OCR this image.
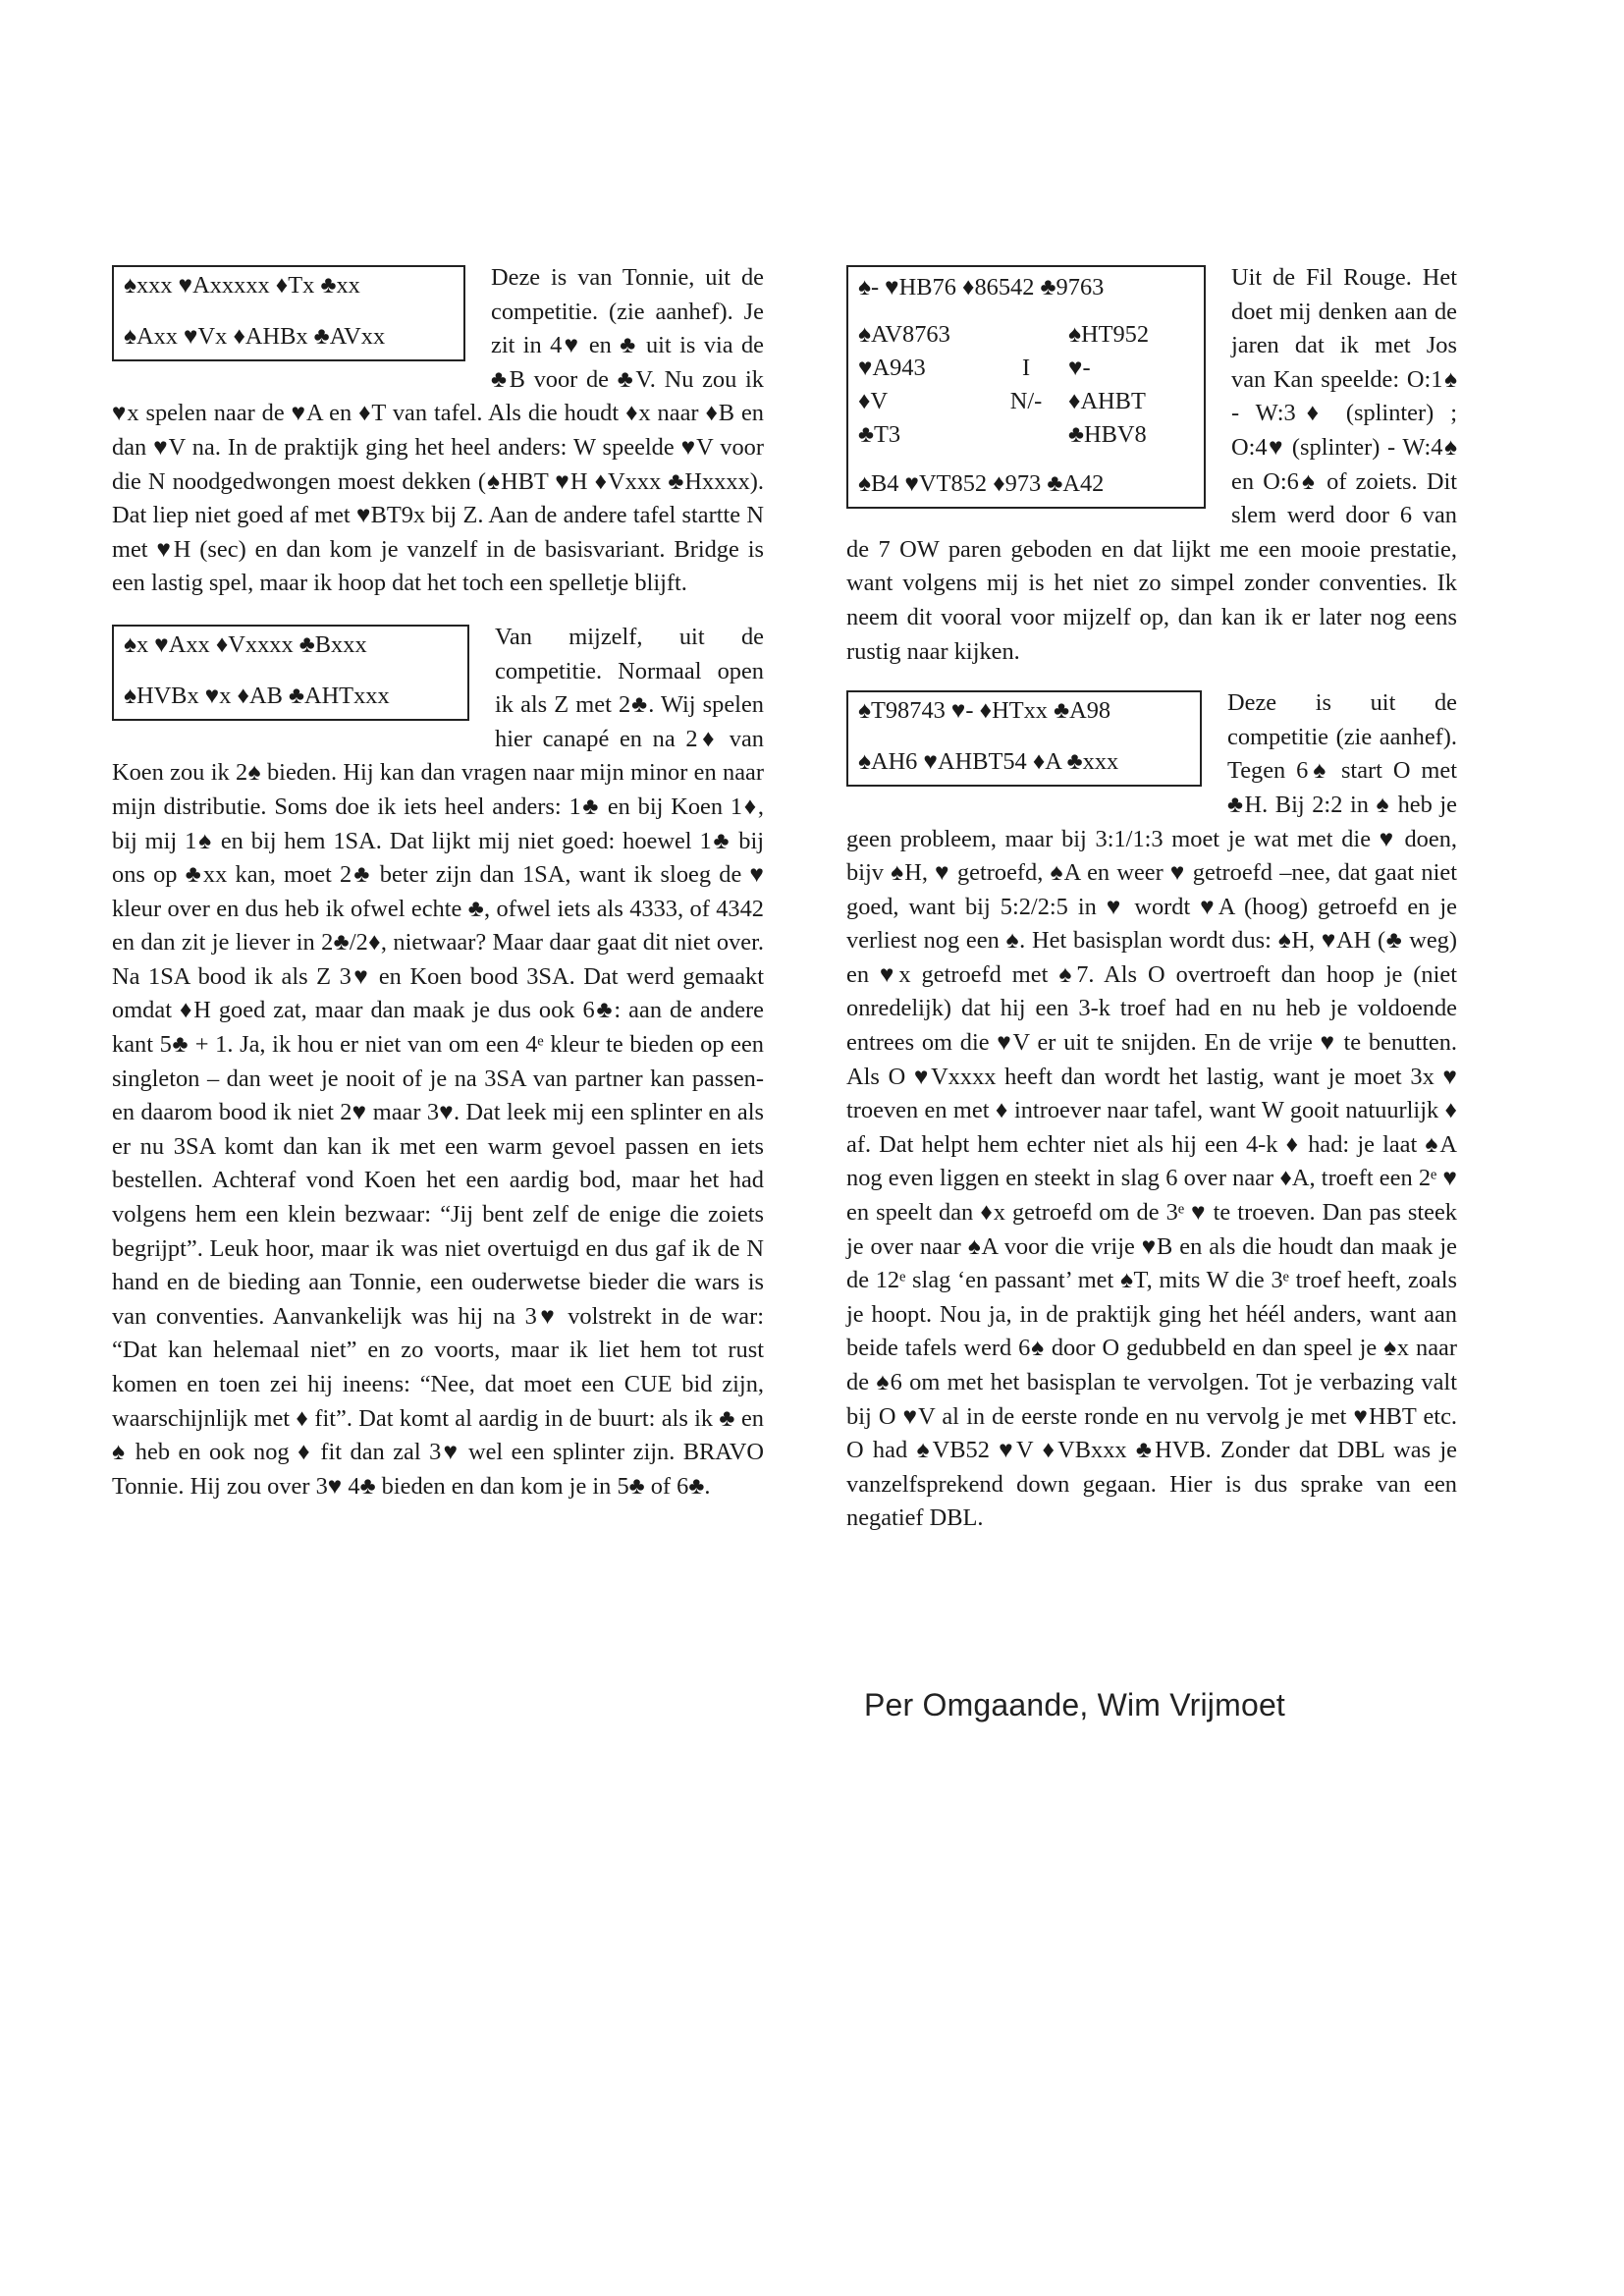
♠xxx ♥Axxxxx ♦Tx ♣xx
♠Axx ♥Vx ♦AHBx ♣AVxx

Deze is van Tonnie, uit de competitie. (zie aanhef). Je zit in 4♥ en ♣ uit is via de ♣B voor de ♣V. Nu zou ik ♥x spelen naar de ♥A en ♦T van tafel. Als die houdt ♦x naar ♦B en dan ♥V na. In de praktijk ging het heel anders: W speelde ♥V voor die N noodgedwongen moest dekken (♠HBT ♥H ♦Vxxx ♣Hxxxx). Dat liep niet goed af met ♥BT9x bij Z. Aan de andere tafel startte N met ♥H (sec) en dan kom je vanzelf in de basisvariant. Bridge is een lastig spel, maar ik hoop dat het toch een spelletje blijft.

♠x ♥Axx ♦Vxxxx ♣Bxxx
♠HVBx ♥x ♦AB ♣AHTxxx

Van mijzelf, uit de competitie. Normaal open ik als Z met 2♣. Wij spelen hier canapé en na 2♦ van Koen zou ik 2♠ bieden. Hij kan dan vragen naar mijn minor en naar mijn distributie. Soms doe ik iets heel anders: 1♣ en bij Koen 1♦, bij mij 1♠ en bij hem 1SA. Dat lijkt mij niet goed: hoewel 1♣ bij ons op ♣xx kan, moet 2♣ beter zijn dan 1SA, want ik sloeg de ♥ kleur over en dus heb ik ofwel echte ♣, ofwel iets als 4333, of 4342 en dan zit je liever in 2♣/2♦, nietwaar? Maar daar gaat dit niet over. Na 1SA bood ik als Z 3♥ en Koen bood 3SA. Dat werd gemaakt omdat ♦H goed zat, maar dan maak je dus ook 6♣: aan de andere kant 5♣ + 1. Ja, ik hou er niet van om een 4ᵉ kleur te bieden op een singleton – dan weet je nooit of je na 3SA van partner kan passen- en daarom bood ik niet 2♥ maar 3♥. Dat leek mij een splinter en als er nu 3SA komt dan kan ik met een warm gevoel passen en iets bestellen. Achteraf vond Koen het een aardig bod, maar het had volgens hem een klein bezwaar: “Jij bent zelf de enige die zoiets begrijpt”. Leuk hoor, maar ik was niet overtuigd en dus gaf ik de N hand en de bieding aan Tonnie, een ouderwetse bieder die wars is van conventies. Aanvankelijk was hij na 3♥ volstrekt in de war: “Dat kan helemaal niet” en zo voorts, maar ik liet hem tot rust komen en toen zei hij ineens: “Nee, dat moet een CUE bid zijn, waarschijnlijk met ♦ fit”. Dat komt al aardig in de buurt: als ik ♣ en ♠ heb en ook nog ♦ fit dan zal 3♥ wel een splinter zijn. BRAVO Tonnie. Hij zou over 3♥ 4♣ bieden en dan kom je in 5♣ of 6♣.

♠- ♥HB76 ♦86542 ♣9763
♠AV8763	♠HT952
♥A943	I	♥-
♦V	N/-	♦AHBT
♣T3	♣HBV8
♠B4 ♥VT852 ♦973 ♣A42

Uit de Fil Rouge. Het doet mij denken aan de jaren dat ik met Jos van Kan speelde: O:1♠ - W:3♦ (splinter) ; O:4♥ (splinter) - W:4♠ en O:6♠ of zoiets. Dit slem werd door 6 van de 7 OW paren geboden en dat lijkt me een mooie prestatie, want volgens mij is het niet zo simpel zonder conventies. Ik neem dit vooral voor mijzelf op, dan kan ik er later nog eens rustig naar kijken.

♠T98743 ♥- ♦HTxx ♣A98
♠AH6 ♥AHBT54 ♦A ♣xxx

Deze is uit de competitie (zie aanhef). Tegen 6♠ start O met ♣H. Bij 2:2 in ♠ heb je geen probleem, maar bij 3:1/1:3 moet je wat met die ♥ doen, bijv ♠H, ♥ getroefd, ♠A en weer ♥ getroefd –nee, dat gaat niet goed, want bij 5:2/2:5 in ♥ wordt ♥A (hoog) getroefd en je verliest nog een ♠. Het basisplan wordt dus: ♠H, ♥AH (♣ weg) en ♥x getroefd met ♠7. Als O overtroeft dan hoop je (niet onredelijk) dat hij een 3-k troef had en nu heb je voldoende entrees om die ♥V er uit te snijden. En de vrije ♥ te benutten. Als O ♥Vxxxx heeft dan wordt het lastig, want je moet 3x ♥ troeven en met ♦ introever naar tafel, want W gooit natuurlijk ♦ af. Dat helpt hem echter niet als hij een 4-k ♦ had: je laat ♠A nog even liggen en steekt in slag 6 over naar ♦A, troeft een 2ᵉ ♥ en speelt dan ♦x getroefd om de 3ᵉ ♥ te troeven. Dan pas steek je over naar ♠A voor die vrije ♥B en als die houdt dan maak je de 12ᵉ slag ‘en passant’ met ♠T, mits W die 3ᵉ troef heeft, zoals je hoopt. Nou ja, in de praktijk ging het héél anders, want aan beide tafels werd 6♠ door O gedubbeld en dan speel je ♠x naar de ♠6 om met het basisplan te vervolgen. Tot je verbazing valt bij O ♥V al in de eerste ronde en nu vervolg je met ♥HBT etc. O had ♠VB52 ♥V ♦VBxxx ♣HVB. Zonder dat DBL was je vanzelfsprekend down gegaan. Hier is dus sprake van een negatief DBL.

Per Omgaande, Wim Vrijmoet
